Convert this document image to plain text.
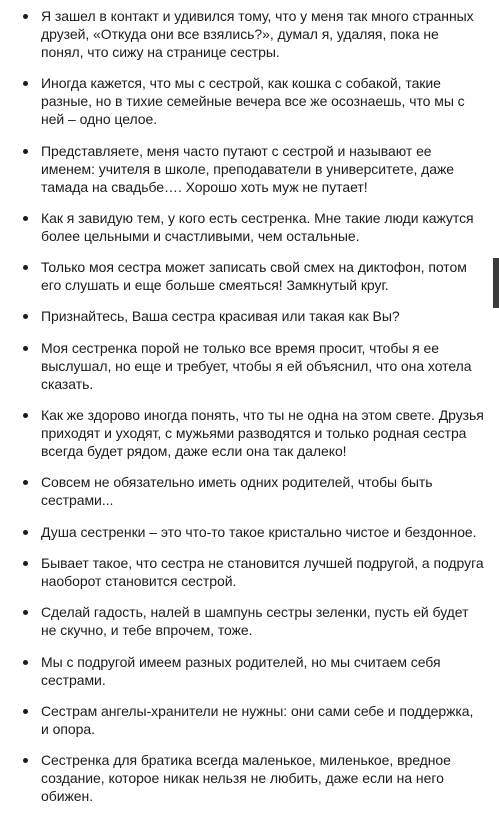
Я зашел в контакт и удивился тому, что у меня так много странных друзей, «Откуда они все взялись?», думал я, удаляя, пока не понял, что сижу на странице сестры.
Иногда кажется, что мы с сестрой, как кошка с собакой, такие разные, но в тихие семейные вечера все же осознаешь, что мы с ней – одно целое.
Представляете, меня часто путают с сестрой и называют ее именем: учителя в школе, преподаватели в университете, даже тамада на свадьбе…. Хорошо хоть муж не путает!
Как я завидую тем, у кого есть сестренка. Мне такие люди кажутся более цельными и счастливыми, чем остальные.
Только моя сестра может записать свой смех на диктофон, потом его слушать и еще больше смеяться! Замкнутый круг.
Признайтесь, Ваша сестра красивая или такая как Вы?
Моя сестренка порой не только все время просит, чтобы я ее выслушал, но еще и требует, чтобы я ей объяснил, что она хотела сказать.
Как же здорово иногда понять, что ты не одна на этом свете. Друзья приходят и уходят, с мужьями разводятся и только родная сестра всегда будет рядом, даже если она так далеко!
Совсем не обязательно иметь одних родителей, чтобы быть сестрами...
Душа сестренки – это что-то такое кристально чистое и бездонное.
Бывает такое, что сестра не становится лучшей подругой, а подруга наоборот становится сестрой.
Сделай гадость, налей в шампунь сестры зеленки, пусть ей будет не скучно, и тебе впрочем, тоже.
Мы с подругой имеем разных родителей, но мы считаем себя сестрами.
Сестрам ангелы-хранители не нужны: они сами себе и поддержка, и опора.
Сестренка для братика всегда маленькое, миленькое, вредное создание, которое никак нельзя не любить, даже если на него обижен.
